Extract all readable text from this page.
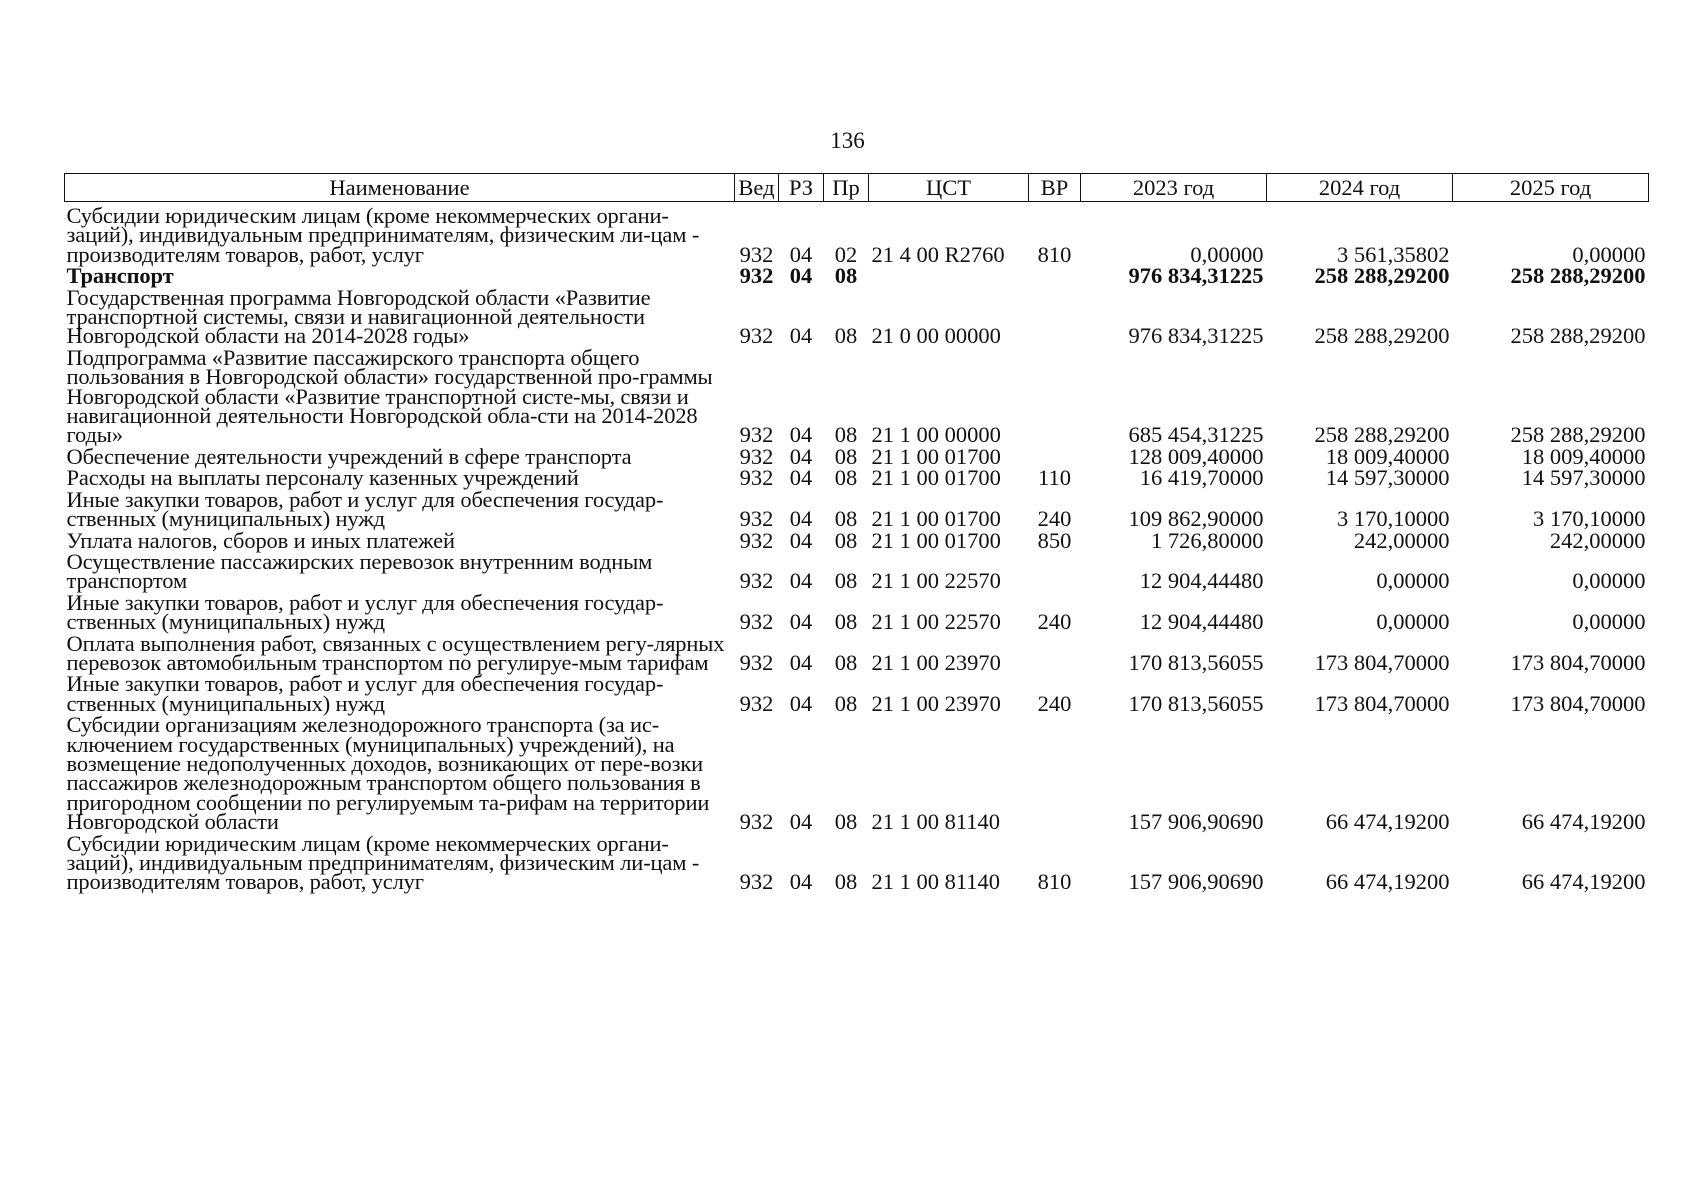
136
Наименование	Вед	РЗ	Пр	ЦСТ	ВР	2023 год	2024 год	2025 год
Субсидии юридическим лицам (кроме некоммерческих органи-заций), индивидуальным предпринимателям, физическим ли-цам - производителям товаров, работ, услуг	932	04	02	21 4 00 R2760	810	0,00000	3 561,35802	0,00000
Транспорт	932	04	08			976 834,31225	258 288,29200	258 288,29200
Государственная программа Новгородской области «Развитие транспортной системы, связи и навигационной деятельности Новгородской области на 2014-2028 годы»	932	04	08	21 0 00 00000		976 834,31225	258 288,29200	258 288,29200
Подпрограмма «Развитие пассажирского транспорта общего пользования в Новгородской области» государственной про-граммы Новгородской области «Развитие транспортной систе-мы, связи и навигационной деятельности Новгородской обла-сти на 2014-2028 годы»	932	04	08	21 1 00 00000		685 454,31225	258 288,29200	258 288,29200
Обеспечение деятельности учреждений в сфере транспорта	932	04	08	21 1 00 01700		128 009,40000	18 009,40000	18 009,40000
Расходы на выплаты персоналу казенных учреждений	932	04	08	21 1 00 01700	110	16 419,70000	14 597,30000	14 597,30000
Иные закупки товаров, работ и услуг для обеспечения государ-ственных (муниципальных) нужд	932	04	08	21 1 00 01700	240	109 862,90000	3 170,10000	3 170,10000
Уплата налогов, сборов и иных платежей	932	04	08	21 1 00 01700	850	1 726,80000	242,00000	242,00000
Осуществление пассажирских перевозок внутренним водным транспортом	932	04	08	21 1 00 22570		12 904,44480	0,00000	0,00000
Иные закупки товаров, работ и услуг для обеспечения государ-ственных (муниципальных) нужд	932	04	08	21 1 00 22570	240	12 904,44480	0,00000	0,00000
Оплата выполнения работ, связанных с осуществлением регу-лярных перевозок автомобильным транспортом по регулируе-мым тарифам	932	04	08	21 1 00 23970		170 813,56055	173 804,70000	173 804,70000
Иные закупки товаров, работ и услуг для обеспечения государ-ственных (муниципальных) нужд	932	04	08	21 1 00 23970	240	170 813,56055	173 804,70000	173 804,70000
Субсидии организациям железнодорожного транспорта (за ис-ключением государственных (муниципальных) учреждений), на возмещение недополученных доходов, возникающих от пере-возки пассажиров железнодорожным транспортом общего пользования в пригородном сообщении по регулируемым та-рифам на территории Новгородской области	932	04	08	21 1 00 81140		157 906,90690	66 474,19200	66 474,19200
Субсидии юридическим лицам (кроме некоммерческих органи-заций), индивидуальным предпринимателям, физическим ли-цам - производителям товаров, работ, услуг	932	04	08	21 1 00 81140	810	157 906,90690	66 474,19200	66 474,19200
